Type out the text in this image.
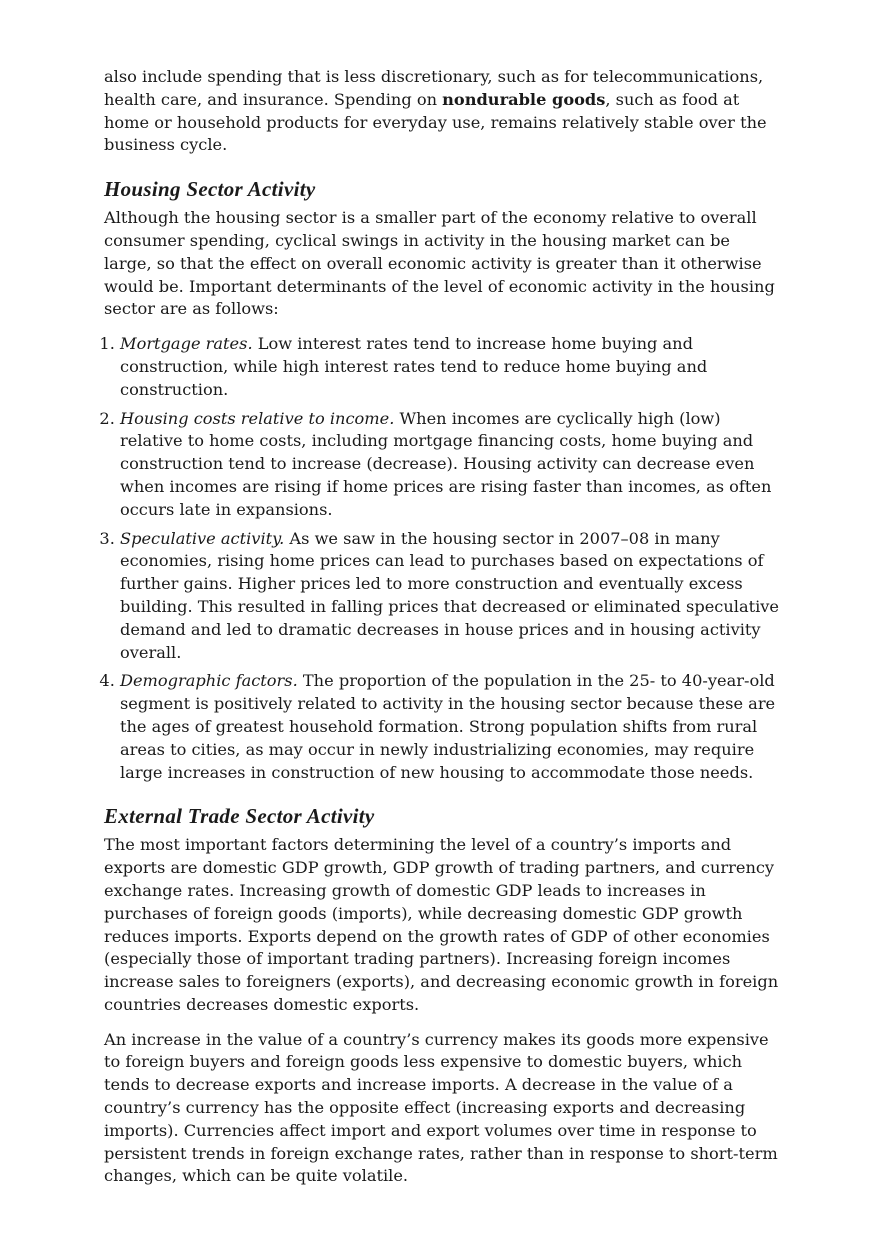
also include spending that is less discretionary, such as for telecommunications, health care, and insurance. Spending on nondurable goods, such as food at home or household products for everyday use, remains relatively stable over the business cycle.

Housing Sector Activity

Although the housing sector is a smaller part of the economy relative to overall consumer spending, cyclical swings in activity in the housing market can be large, so that the effect on overall economic activity is greater than it otherwise would be. Important determinants of the level of economic activity in the housing sector are as follows:

1. Mortgage rates. Low interest rates tend to increase home buying and construction, while high interest rates tend to reduce home buying and construction.
2. Housing costs relative to income. When incomes are cyclically high (low) relative to home costs, including mortgage financing costs, home buying and construction tend to increase (decrease). Housing activity can decrease even when incomes are rising if home prices are rising faster than incomes, as often occurs late in expansions.
3. Speculative activity. As we saw in the housing sector in 2007–08 in many economies, rising home prices can lead to purchases based on expectations of further gains. Higher prices led to more construction and eventually excess building. This resulted in falling prices that decreased or eliminated speculative demand and led to dramatic decreases in house prices and in housing activity overall.
4. Demographic factors. The proportion of the population in the 25- to 40-year-old segment is positively related to activity in the housing sector because these are the ages of greatest household formation. Strong population shifts from rural areas to cities, as may occur in newly industrializing economies, may require large increases in construction of new housing to accommodate those needs.
External Trade Sector Activity

The most important factors determining the level of a country’s imports and exports are domestic GDP growth, GDP growth of trading partners, and currency exchange rates. Increasing growth of domestic GDP leads to increases in purchases of foreign goods (imports), while decreasing domestic GDP growth reduces imports. Exports depend on the growth rates of GDP of other economies (especially those of important trading partners). Increasing foreign incomes increase sales to foreigners (exports), and decreasing economic growth in foreign countries decreases domestic exports.

An increase in the value of a country’s currency makes its goods more expensive to foreign buyers and foreign goods less expensive to domestic buyers, which tends to decrease exports and increase imports. A decrease in the value of a country’s currency has the opposite effect (increasing exports and decreasing imports). Currencies affect import and export volumes over time in response to persistent trends in foreign exchange rates, rather than in response to short-term changes, which can be quite volatile.
